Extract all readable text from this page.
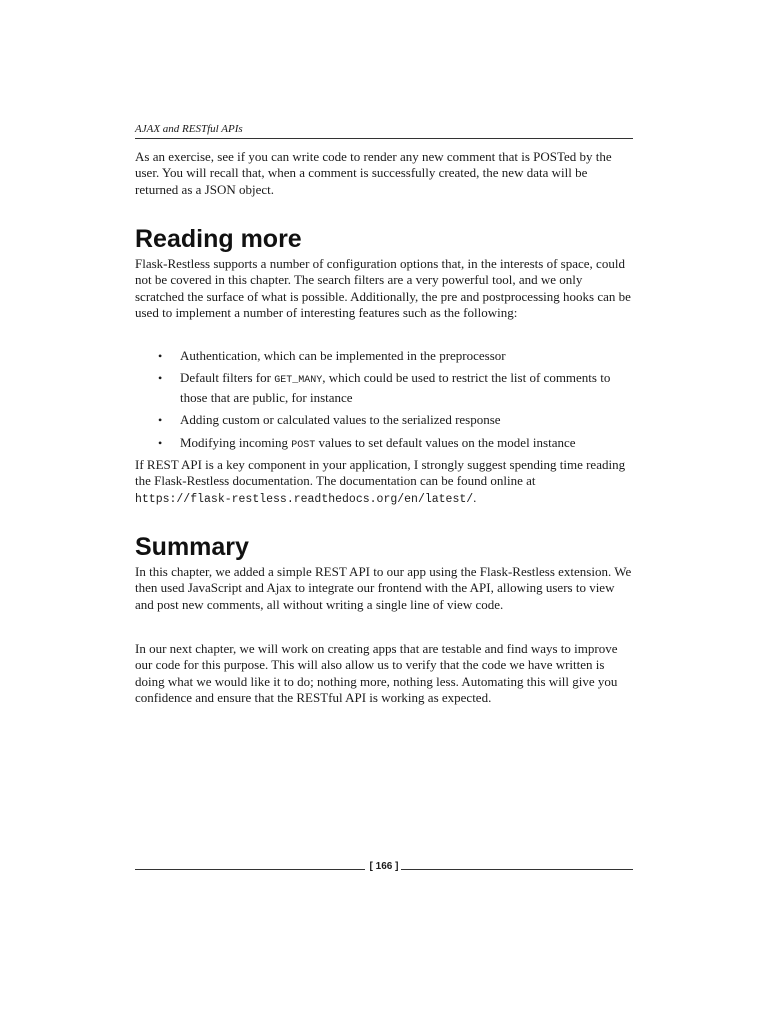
AJAX and RESTful APIs

As an exercise, see if you can write code to render any new comment that is POSTed by the user. You will recall that, when a comment is successfully created, the new data will be returned as a JSON object.

Reading more

Flask-Restless supports a number of configuration options that, in the interests of space, could not be covered in this chapter. The search filters are a very powerful tool, and we only scratched the surface of what is possible. Additionally, the pre and postprocessing hooks can be used to implement a number of interesting features such as the following:

• Authentication, which can be implemented in the preprocessor
• Default filters for GET_MANY, which could be used to restrict the list of comments to those that are public, for instance
• Adding custom or calculated values to the serialized response
• Modifying incoming POST values to set default values on the model instance

If REST API is a key component in your application, I strongly suggest spending time reading the Flask-Restless documentation. The documentation can be found online at https://flask-restless.readthedocs.org/en/latest/.

Summary

In this chapter, we added a simple REST API to our app using the Flask-Restless extension. We then used JavaScript and Ajax to integrate our frontend with the API, allowing users to view and post new comments, all without writing a single line of view code.

In our next chapter, we will work on creating apps that are testable and find ways to improve our code for this purpose. This will also allow us to verify that the code we have written is doing what we would like it to do; nothing more, nothing less. Automating this will give you confidence and ensure that the RESTful API is working as expected.

[ 166 ]
